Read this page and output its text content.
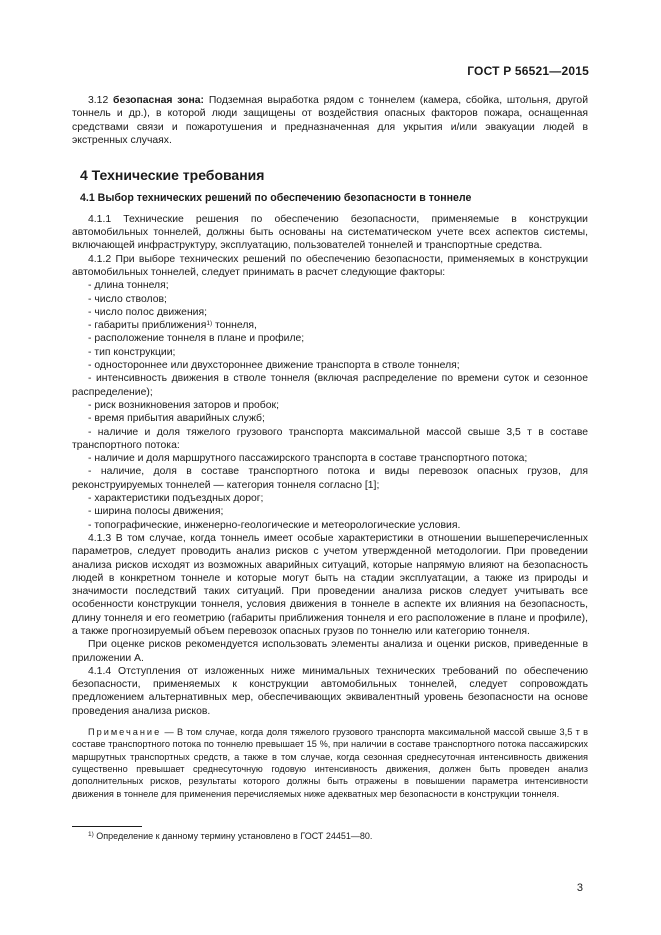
ГОСТ Р 56521—2015

3.12 безопасная зона: Подземная выработка рядом с тоннелем (камера, сбойка, штольня, другой тоннель и др.), в которой люди защищены от воздействия опасных факторов пожара, оснащенная средствами связи и пожаротушения и предназначенная для укрытия и/или эвакуации людей в экстренных случаях.

4 Технические требования
4.1 Выбор технических решений по обеспечению безопасности в тоннеле

4.1.1 Технические решения по обеспечению безопасности, применяемые в конструкции автомобильных тоннелей, должны быть основаны на систематическом учете всех аспектов системы, включающей инфраструктуру, эксплуатацию, пользователей тоннелей и транспортные средства.

4.1.2 При выборе технических решений по обеспечению безопасности, применяемых в конструкции автомобильных тоннелей, следует принимать в расчет следующие факторы:

- длина тоннеля;

- число стволов;

- число полос движения;

- габариты приближения$^{1)}$ тоннеля,

- расположение тоннеля в плане и профиле;

- тип конструкции;

- одностороннее или двухстороннее движение транспорта в стволе тоннеля;

- интенсивность движения в стволе тоннеля (включая распределение по времени суток и сезонное распределение);

- риск возникновения заторов и пробок;

- время прибытия аварийных служб;

- наличие и доля тяжелого грузового транспорта максимальной массой свыше 3,5 т в составе транспортного потока:

- наличие и доля маршрутного пассажирского транспорта в составе транспортного потока;

- наличие, доля в составе транспортного потока и виды перевозок опасных грузов, для реконструируемых тоннелей — категория тоннеля согласно [1];

- характеристики подъездных дорог;

- ширина полосы движения;

- топографические, инженерно-геологические и метеорологические условия.

4.1.3 В том случае, когда тоннель имеет особые характеристики в отношении вышеперечисленных параметров, следует проводить анализ рисков с учетом утвержденной методологии. При проведении анализа рисков исходят из возможных аварийных ситуаций, которые напрямую влияют на безопасность людей в конкретном тоннеле и которые могут быть на стадии эксплуатации, а также из природы и значимости последствий таких ситуаций. При проведении анализа рисков следует учитывать все особенности конструкции тоннеля, условия движения в тоннеле в аспекте их влияния на безопасность, длину тоннеля и его геометрию (габариты приближения тоннеля и его расположение в плане и профиле), а также прогнозируемый объем перевозок опасных грузов по тоннелю или категорию тоннеля.

При оценке рисков рекомендуется использовать элементы анализа и оценки рисков, приведенные в приложении А.

4.1.4 Отступления от изложенных ниже минимальных технических требований по обеспечению безопасности, применяемых к конструкции автомобильных тоннелей, следует сопровождать предложением альтернативных мер, обеспечивающих эквивалентный уровень безопасности на основе проведения анализа рисков.

Примечание — В том случае, когда доля тяжелого грузового транспорта максимальной массой свыше 3,5 т в составе транспортного потока по тоннелю превышает 15 %, при наличии в составе транспортного потока пассажирских маршрутных транспортных средств, а также в том случае, когда сезонная среднесуточная интенсивность движения существенно превышает среднесуточную годовую интенсивность движения, должен быть проведен анализ дополнительных рисков, результаты которого должны быть отражены в повышении параметра интенсивности движения в тоннеле для применения перечисляемых ниже адекватных мер безопасности в конструкции тоннеля.

$^{1)}$ Определение к данному термину установлено в ГОСТ 24451—80.
3
